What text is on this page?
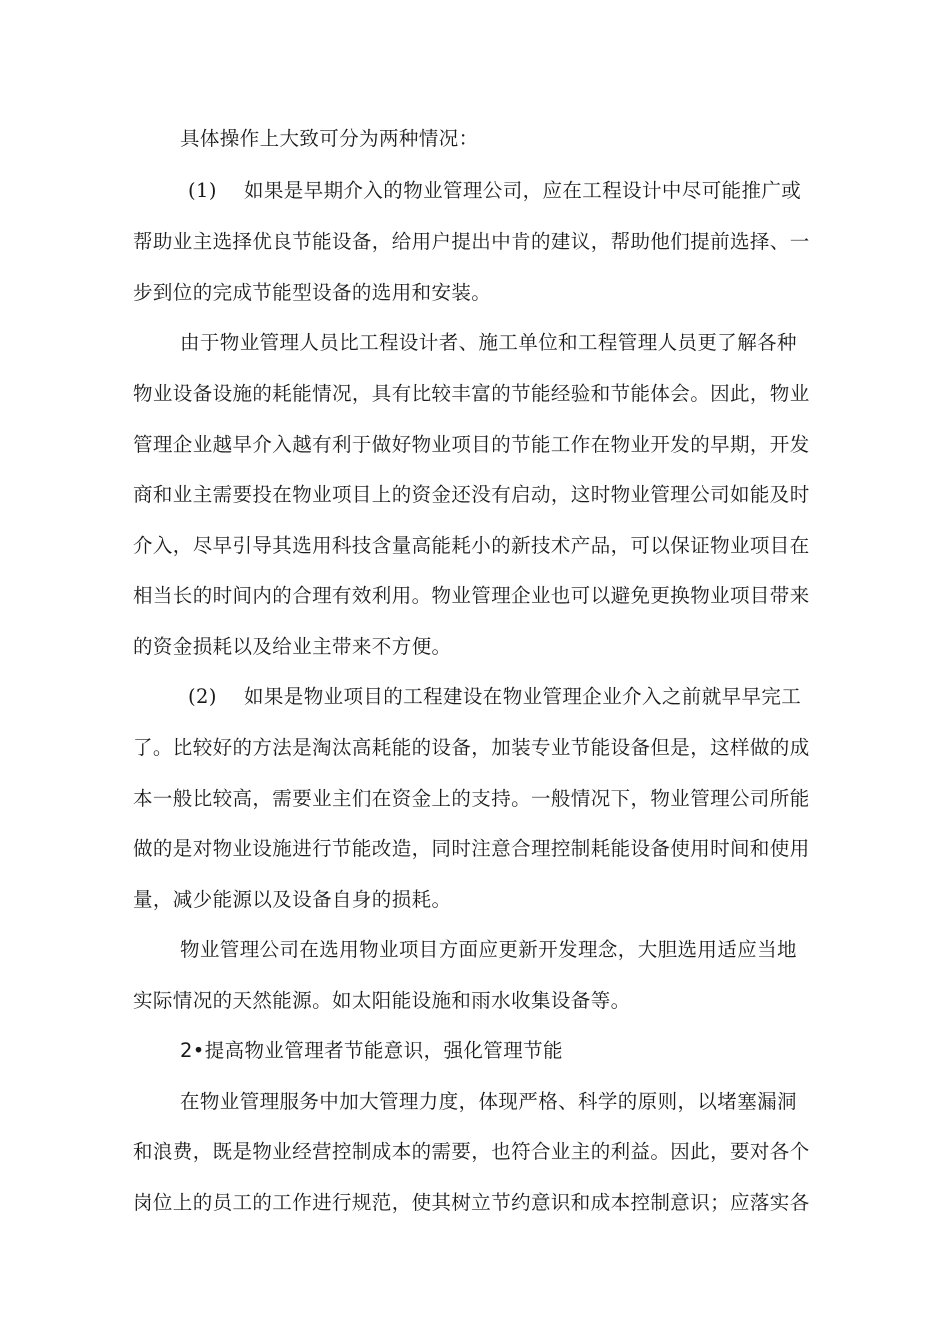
具体操作上大致可分为两种情况：
(1) 如果是早期介入的物业管理公司，应在工程设计中尽可能推广或
帮助业主选择优良节能设备，给用户提出中肯的建议，帮助他们提前选择、一
步到位的完成节能型设备的选用和安装。
由于物业管理人员比工程设计者、施工单位和工程管理人员更了解各种
物业设备设施的耗能情况，具有比较丰富的节能经验和节能体会。因此，物业
管理企业越早介入越有利于做好物业项目的节能工作在物业开发的早期，开发
商和业主需要投在物业项目上的资金还没有启动，这时物业管理公司如能及时
介入，尽早引导其选用科技含量高能耗小的新技术产品，可以保证物业项目在
相当长的时间内的合理有效利用。物业管理企业也可以避免更换物业项目带来
的资金损耗以及给业主带来不方便。
(2) 如果是物业项目的工程建设在物业管理企业介入之前就早早完工
了。比较好的方法是淘汰高耗能的设备，加装专业节能设备但是，这样做的成
本一般比较高，需要业主们在资金上的支持。一般情况下，物业管理公司所能
做的是对物业设施进行节能改造，同时注意合理控制耗能设备使用时间和使用
量，减少能源以及设备自身的损耗。
物业管理公司在选用物业项目方面应更新开发理念，大胆选用适应当地
实际情况的天然能源。如太阳能设施和雨水收集设备等。
2•提高物业管理者节能意识，强化管理节能
在物业管理服务中加大管理力度，体现严格、科学的原则，以堵塞漏洞
和浪费，既是物业经营控制成本的需要，也符合业主的利益。因此，要对各个
岗位上的员工的工作进行规范，使其树立节约意识和成本控制意识；应落实各
